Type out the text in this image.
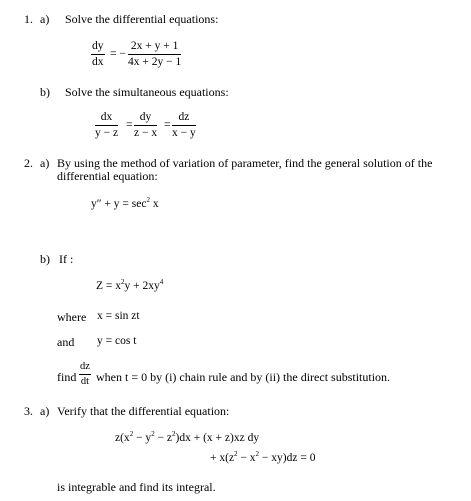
1. a) Solve the differential equations:
$\frac{dy}{dx}$ = − $\frac{2x + y + 1}{4x + 2y - 1}$
b) Solve the simultaneous equations:
$\frac{dx}{y - z} = \frac{dy}{z - x} = \frac{dz}{x - y}$
2. a) By using the method of variation of parameter, find the general solution of the
differential equation:
$y'' + y = \sec^2 x$
b) If :
$Z = x^2y + 2xy^4$
where x = sin zt
and y = cos t
find $\frac{dz}{dt}$ when t = 0 by (i) chain rule and by (ii) the direct substitution.
3. a) Verify that the differential equation:
$z(x^2 - y^2 - z^2)dx + (x + z)xz$ dy
+ $x(z^2 - x^2 - xy)dz = 0$
is integrable and find its integral.
